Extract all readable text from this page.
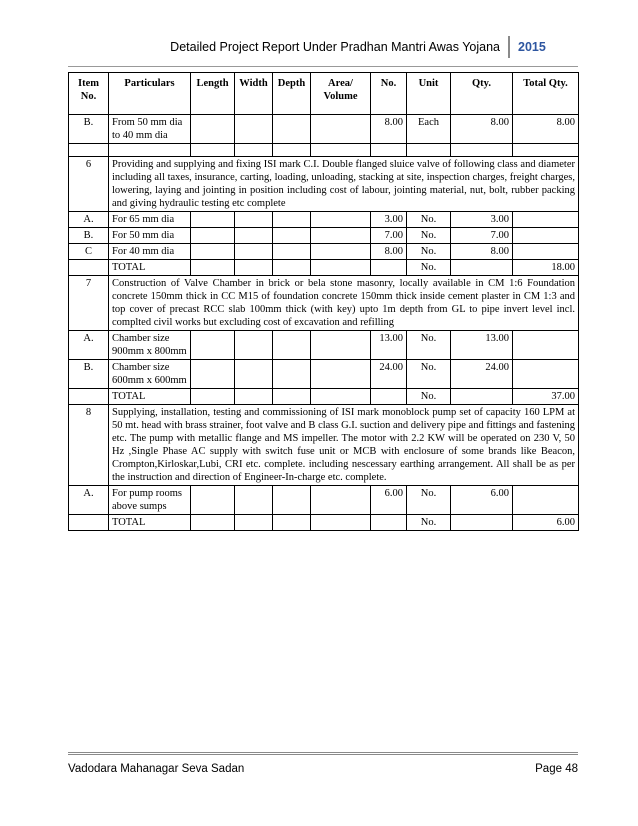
Detailed Project Report Under Pradhan Mantri Awas Yojana 2015
Item No.	Particulars	Length	Width	Depth	Area/ Volume	No.	Unit	Qty.	Total Qty.
B.	From 50 mm dia to 40 mm dia					8.00	Each	8.00	8.00

6	Providing and supplying and fixing ISI mark C.I. Double flanged sluice valve of following class and diameter including all taxes, insurance, carting, loading, unloading, stacking at site, inspection charges, freight charges, lowering, laying and jointing in position including cost of labour, jointing material, nut, bolt, rubber packing and giving hydraulic testing etc complete								
A.	For 65 mm dia					3.00	No.	3.00	
B.	For 50 mm dia					7.00	No.	7.00	
C	For 40 mm dia					8.00	No.	8.00	
	TOTAL						No.		18.00
7	Construction of Valve Chamber in brick or bela stone masonry, locally available in CM 1:6 Foundation concrete 150mm thick in CC M15 of foundation concrete 150mm thick inside cement plaster in CM 1:3 and top cover of precast RCC slab 100mm thick (with key) upto 1m depth from GL to pipe invert level incl. complted civil works but excluding cost of excavation and refilling								
A.	Chamber size 900mm x 800mm					13.00	No.	13.00	
B.	Chamber size 600mm x 600mm					24.00	No.	24.00	
	TOTAL						No.		37.00
8	Supplying, installation, testing and commissioning of ISI mark monoblock pump set of capacity 160 LPM at 50 mt. head with brass strainer, foot valve and B class G.I. suction and delivery pipe and fittings and fastening etc. The pump with metallic flange and MS impeller. The motor with 2.2 KW will be operated on 230 V, 50 Hz ,Single Phase AC supply with switch fuse unit or MCB with enclosure of some brands like Beacon, Crompton,Kirloskar,Lubi, CRI etc. complete. including nescessary earthing arrangement. All shall be as per the instruction and direction of Engineer-In-charge etc. complete.								
A.	For pump rooms above sumps					6.00	No.	6.00	
	TOTAL						No.		6.00
Vadodara Mahanagar Seva Sadan	Page 48
